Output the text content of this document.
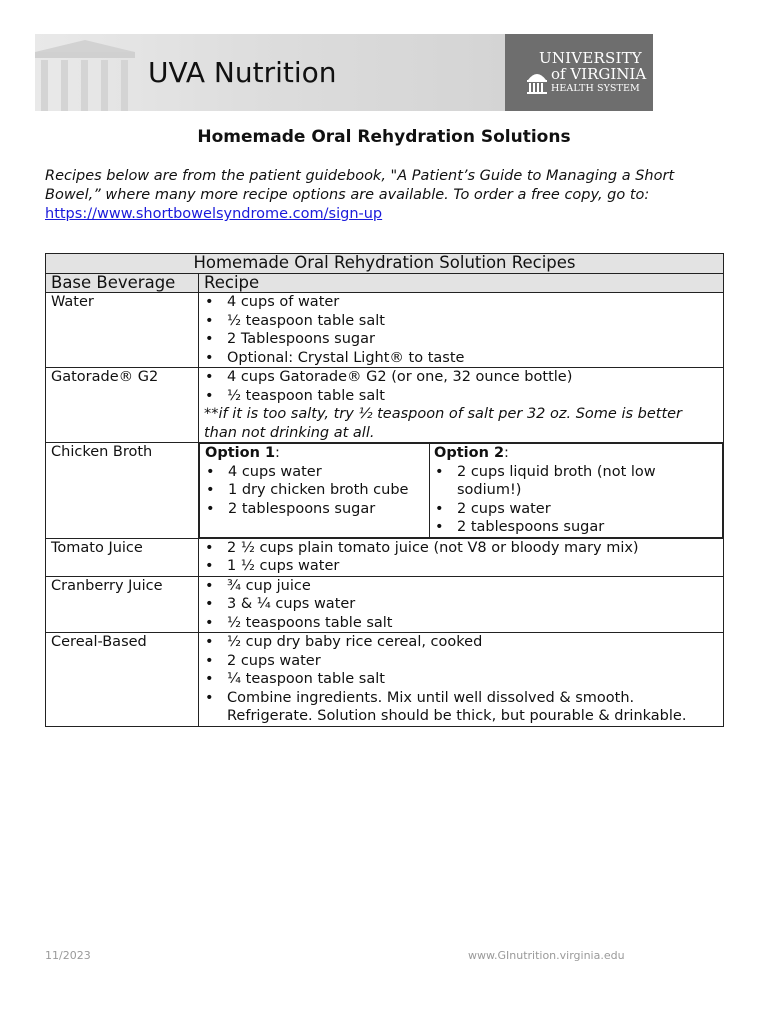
UVA Nutrition	UNIVERSITY
of VIRGINIA
HEALTH SYSTEM
Homemade Oral Rehydration Solutions

Recipes below are from the patient guidebook, "A Patient’s Guide to Managing a Short Bowel,” where many more recipe options are available. To order a free copy, go to:

https://www.shortbowelsyndrome.com/sign-up
Homemade Oral Rehydration Solution Recipes
Base Beverage	Recipe
Water	
•4 cups of water
• ½ teaspoon table salt
• 2 Tablespoons sugar
• Optional: Crystal Light® to taste

Gatorade® G2	
•4 cups Gatorade® G2 (or one, 32 ounce bottle)
• ½ teaspoon table salt
**if it is too salty, try ½ teaspoon of salt per 32 oz. Some is better than not drinking at all.

Chicken Broth		Option 1:
• 4 cups water
• 1 dry chicken broth cube
• 2 tablespoons sugar

Option 2:
• 2 cups liquid broth (not low sodium!)
• 2 cups water
• 2 tablespoons sugar

Tomato Juice	
•2 ½ cups plain tomato juice (not V8 or bloody mary mix)
• 1 ½ cups water

Cranberry Juice	
•¾ cup juice
• 3 & ¼ cups water
• ½ teaspoons table salt

Cereal-Based	
•½ cup dry baby rice cereal, cooked
• 2 cups water
• ¼ teaspoon table salt
• Combine ingredients. Mix until well dissolved & smooth. Refrigerate. Solution should be thick, but pourable & drinkable.
11/2023	www.GInutrition.virginia.edu
